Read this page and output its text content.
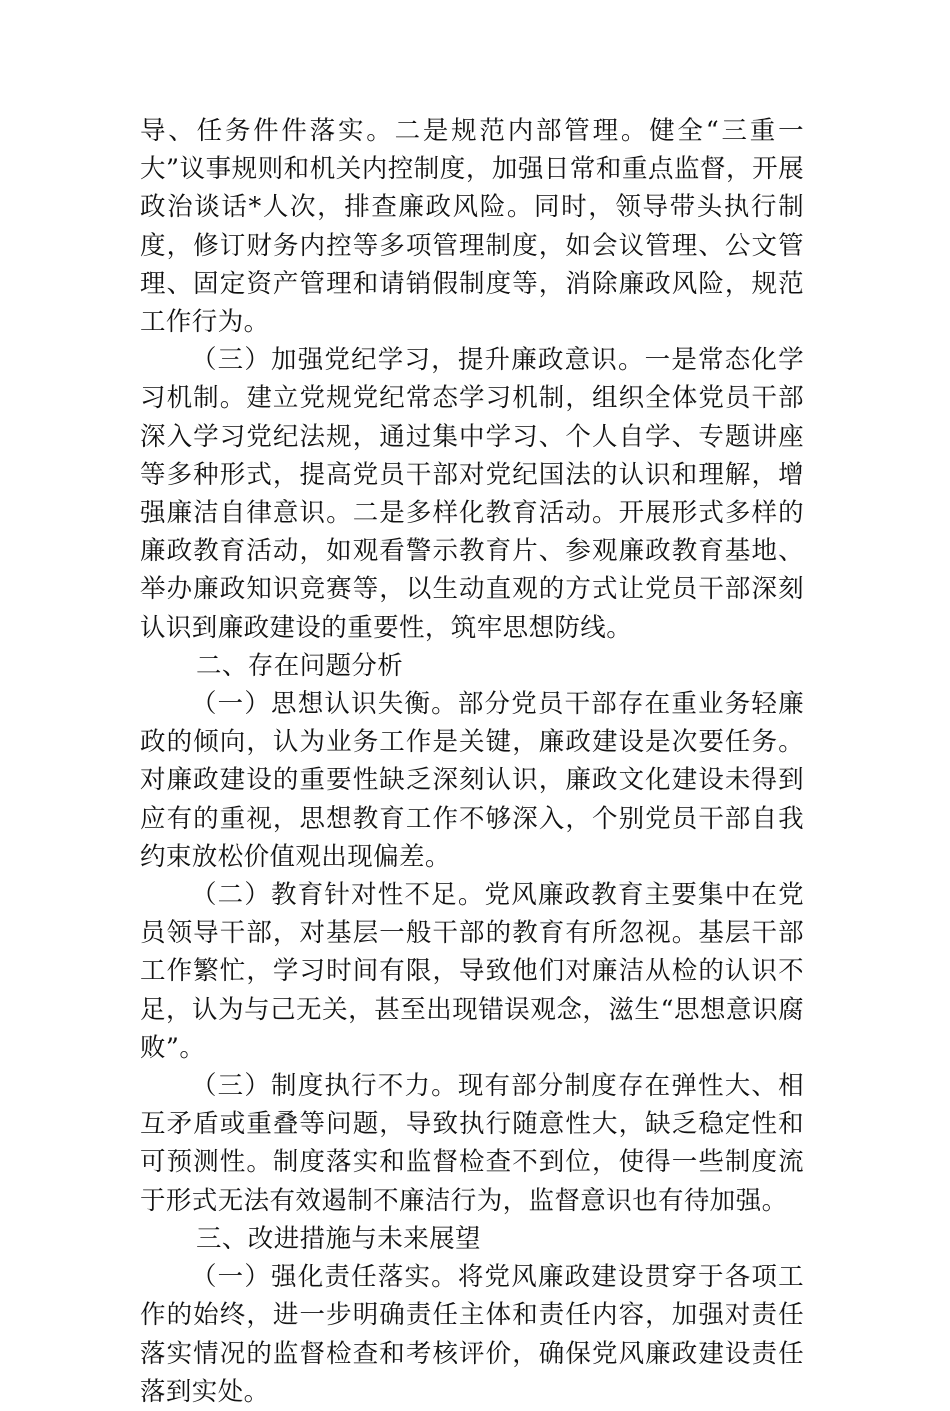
导、任务件件落实。二是规范内部管理。健全“三重一大”议事规则和机关内控制度，加强日常和重点监督，开展政治谈话*人次，排查廉政风险。同时，领导带头执行制度，修订财务内控等多项管理制度，如会议管理、公文管理、固定资产管理和请销假制度等，消除廉政风险，规范工作行为。

（三）加强党纪学习，提升廉政意识。一是常态化学习机制。建立党规党纪常态学习机制，组织全体党员干部深入学习党纪法规，通过集中学习、个人自学、专题讲座等多种形式，提高党员干部对党纪国法的认识和理解，增强廉洁自律意识。二是多样化教育活动。开展形式多样的廉政教育活动，如观看警示教育片、参观廉政教育基地、举办廉政知识竞赛等，以生动直观的方式让党员干部深刻认识到廉政建设的重要性，筑牢思想防线。

二、存在问题分析

（一）思想认识失衡。部分党员干部存在重业务轻廉政的倾向，认为业务工作是关键，廉政建设是次要任务。对廉政建设的重要性缺乏深刻认识，廉政文化建设未得到应有的重视，思想教育工作不够深入，个别党员干部自我约束放松价值观出现偏差。

（二）教育针对性不足。党风廉政教育主要集中在党员领导干部，对基层一般干部的教育有所忽视。基层干部工作繁忙，学习时间有限，导致他们对廉洁从检的认识不足，认为与己无关，甚至出现错误观念，滋生“思想意识腐败”。

（三）制度执行不力。现有部分制度存在弹性大、相互矛盾或重叠等问题，导致执行随意性大，缺乏稳定性和可预测性。制度落实和监督检查不到位，使得一些制度流于形式无法有效遏制不廉洁行为，监督意识也有待加强。

三、改进措施与未来展望

（一）强化责任落实。将党风廉政建设贯穿于各项工作的始终，进一步明确责任主体和责任内容，加强对责任落实情况的监督检查和考核评价，确保党风廉政建设责任落到实处。
